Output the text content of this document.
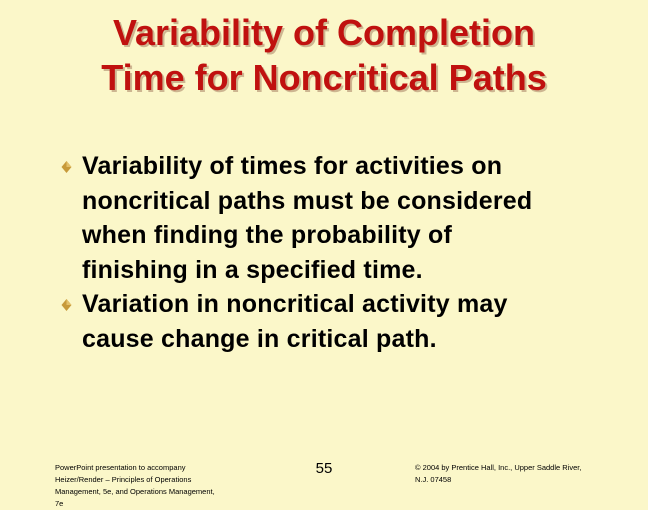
Variability of Completion
Time for Noncritical Paths
Variability of times for activities on
noncritical paths must be considered
when finding the probability of
finishing in a specified time.
Variation in noncritical activity may
cause change in critical path.
PowerPoint presentation to accompany
Heizer/Render – Principles of Operations
Management, 5e, and Operations Management,
7e
55	© 2004 by Prentice Hall, Inc., Upper Saddle River,
N.J. 07458
